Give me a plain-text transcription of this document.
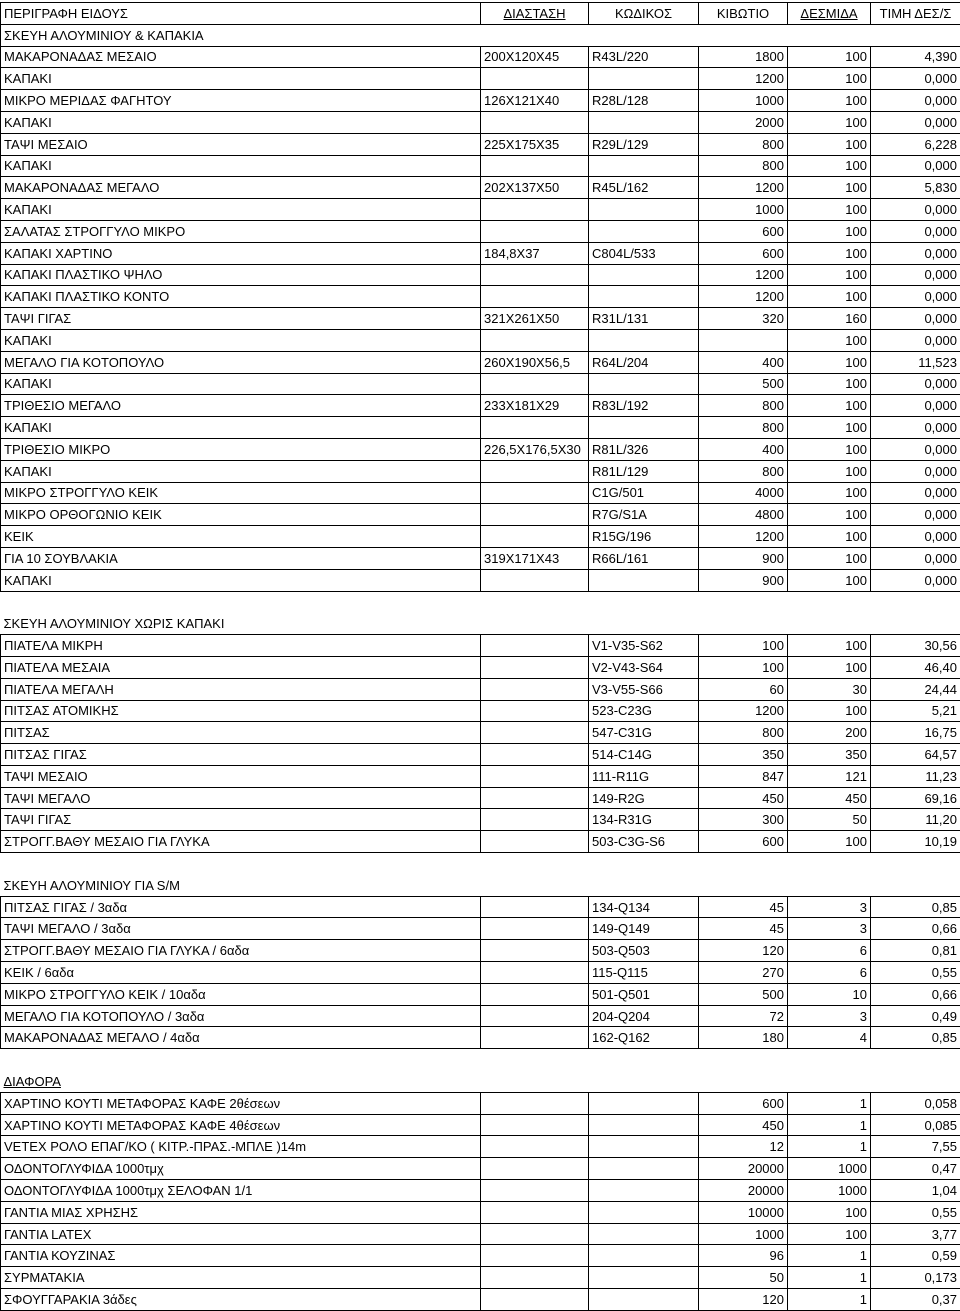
ΠΕΡΙΓΡΑΦΗ ΕΙΔΟΥΣ	ΔΙΑΣΤΑΣΗ	ΚΩΔΙΚΟΣ	ΚΙΒΩΤΙΟ	ΔΕΣΜΙΔΑ	ΤΙΜΗ ΔΕΣ/Σ
ΣΚΕΥΗ ΑΛΟΥΜΙΝΙΟΥ & ΚΑΠΑΚΙΑ					
ΜΑΚΑΡΟΝΑΔΑΣ ΜΕΣΑΙΟ	200Χ120Χ45	R43L/220	1800	100	4,390
ΚΑΠΑΚΙ			1200	100	0,000
ΜΙΚΡΟ ΜΕΡΙΔΑΣ ΦΑΓΗΤΟΥ	126X121X40	R28L/128	1000	100	0,000
ΚΑΠΑΚΙ			2000	100	0,000
ΤΑΨΙ ΜΕΣΑΙΟ	225Χ175Χ35	R29L/129	800	100	6,228
ΚΑΠΑΚΙ			800	100	0,000
ΜΑΚΑΡΟΝΑΔΑΣ ΜΕΓΑΛΟ	202Χ137Χ50	R45L/162	1200	100	5,830
ΚΑΠΑΚΙ			1000	100	0,000
ΣΑΛΑΤΑΣ ΣΤΡΟΓΓΥΛΟ ΜΙΚΡΟ			600	100	0,000
ΚΑΠΑΚΙ ΧΑΡΤΙΝΟ	184,8Χ37	C804L/533	600	100	0,000
ΚΑΠΑΚΙ ΠΛΑΣΤΙΚΟ ΨΗΛΟ			1200	100	0,000
ΚΑΠΑΚΙ ΠΛΑΣΤΙΚΟ ΚΟΝΤΟ			1200	100	0,000
ΤΑΨΙ ΓΙΓΑΣ	321X261X50	R31L/131	320	160	0,000
ΚΑΠΑΚΙ				100	0,000
ΜΕΓΑΛΟ ΓΙΑ ΚΟΤΟΠΟΥΛΟ	260Χ190Χ56,5	R64L/204	400	100	11,523
ΚΑΠΑΚΙ			500	100	0,000
ΤΡΙΘΕΣΙΟ ΜΕΓΑΛΟ	233Χ181Χ29	R83L/192	800	100	0,000
ΚΑΠΑΚΙ			800	100	0,000
ΤΡΙΘΕΣΙΟ ΜΙΚΡΟ	226,5Χ176,5Χ30	R81L/326	400	100	0,000
ΚΑΠΑΚΙ		R81L/129	800	100	0,000
ΜΙΚΡΟ ΣΤΡΟΓΓΥΛΟ ΚΕΙΚ		C1G/501	4000	100	0,000
ΜΙΚΡΟ ΟΡΘΟΓΩΝΙΟ ΚΕΙΚ		R7G/S1A	4800	100	0,000
ΚΕΙΚ		R15G/196	1200	100	0,000
ΓΙΑ 10 ΣΟΥΒΛΑΚΙΑ	319X171X43	R66L/161	900	100	0,000
ΚΑΠΑΚΙ			900	100	0,000

ΣΚΕΥΗ ΑΛΟΥΜΙΝΙΟΥ ΧΩΡΙΣ ΚΑΠΑΚΙ					
ΠΙΑΤΕΛΑ ΜΙΚΡΗ		V1-V35-S62	100	100	30,56
ΠΙΑΤΕΛΑ ΜΕΣΑΙΑ		V2-V43-S64	100	100	46,40
ΠΙΑΤΕΛΑ ΜΕΓΑΛΗ		V3-V55-S66	60	30	24,44
ΠΙΤΣΑΣ ΑΤΟΜΙΚΗΣ		523-C23G	1200	100	5,21
ΠΙΤΣΑΣ		547-C31G	800	200	16,75
ΠΙΤΣΑΣ ΓΙΓΑΣ		514-C14G	350	350	64,57
ΤΑΨΙ ΜΕΣΑΙΟ		111-R11G	847	121	11,23
ΤΑΨΙ ΜΕΓΑΛΟ		149-R2G	450	450	69,16
ΤΑΨΙ ΓΙΓΑΣ		134-R31G	300	50	11,20
ΣΤΡΟΓΓ.ΒΑΘΥ ΜΕΣΑΙΟ ΓΙΑ ΓΛΥΚΑ		503-C3G-S6	600	100	10,19

ΣΚΕΥΗ ΑΛΟΥΜΙΝΙΟΥ ΓΙΑ S/M					
ΠΙΤΣΑΣ ΓΙΓΑΣ / 3αδα		134-Q134	45	3	0,85
ΤΑΨΙ ΜΕΓΑΛΟ / 3αδα		149-Q149	45	3	0,66
ΣΤΡΟΓΓ.ΒΑΘΥ ΜΕΣΑΙΟ ΓΙΑ ΓΛΥΚΑ / 6αδα		503-Q503	120	6	0,81
ΚΕΙΚ / 6αδα		115-Q115	270	6	0,55
ΜΙΚΡΟ ΣΤΡΟΓΓΥΛΟ ΚΕΙΚ / 10αδα		501-Q501	500	10	0,66
ΜΕΓΑΛΟ ΓΙΑ ΚΟΤΟΠΟΥΛΟ / 3αδα		204-Q204	72	3	0,49
ΜΑΚΑΡΟΝΑΔΑΣ ΜΕΓΑΛΟ / 4αδα		162-Q162	180	4	0,85

ΔΙΑΦΟΡΑ					
ΧΑΡΤΙΝΟ ΚΟΥΤΙ ΜΕΤΑΦΟΡΑΣ ΚΑΦΕ 2θέσεων			600	1	0,058
ΧΑΡΤΙΝΟ ΚΟΥΤΙ ΜΕΤΑΦΟΡΑΣ ΚΑΦΕ 4θέσεων			450	1	0,085
VETEX ΡΟΛΟ ΕΠΑΓ/ΚΟ ( ΚΙΤΡ.-ΠΡΑΣ.-ΜΠΛΕ )14m			12	1	7,55
ΟΔΟΝΤΟΓΛΥΦΙΔΑ 1000τμχ			20000	1000	0,47
ΟΔΟΝΤΟΓΛΥΦΙΔΑ 1000τμχ ΣΕΛΟΦΑΝ 1/1			20000	1000	1,04
ΓΑΝΤΙΑ ΜΙΑΣ ΧΡΗΣΗΣ			10000	100	0,55
ΓΑΝΤΙΑ LATEX			1000	100	3,77
ΓΑΝΤΙΑ ΚΟΥΖΙΝΑΣ			96	1	0,59
ΣΥΡΜΑΤΑΚΙΑ			50	1	0,173
ΣΦΟΥΓΓΑΡΑΚΙΑ 3άδες			120	1	0,37
